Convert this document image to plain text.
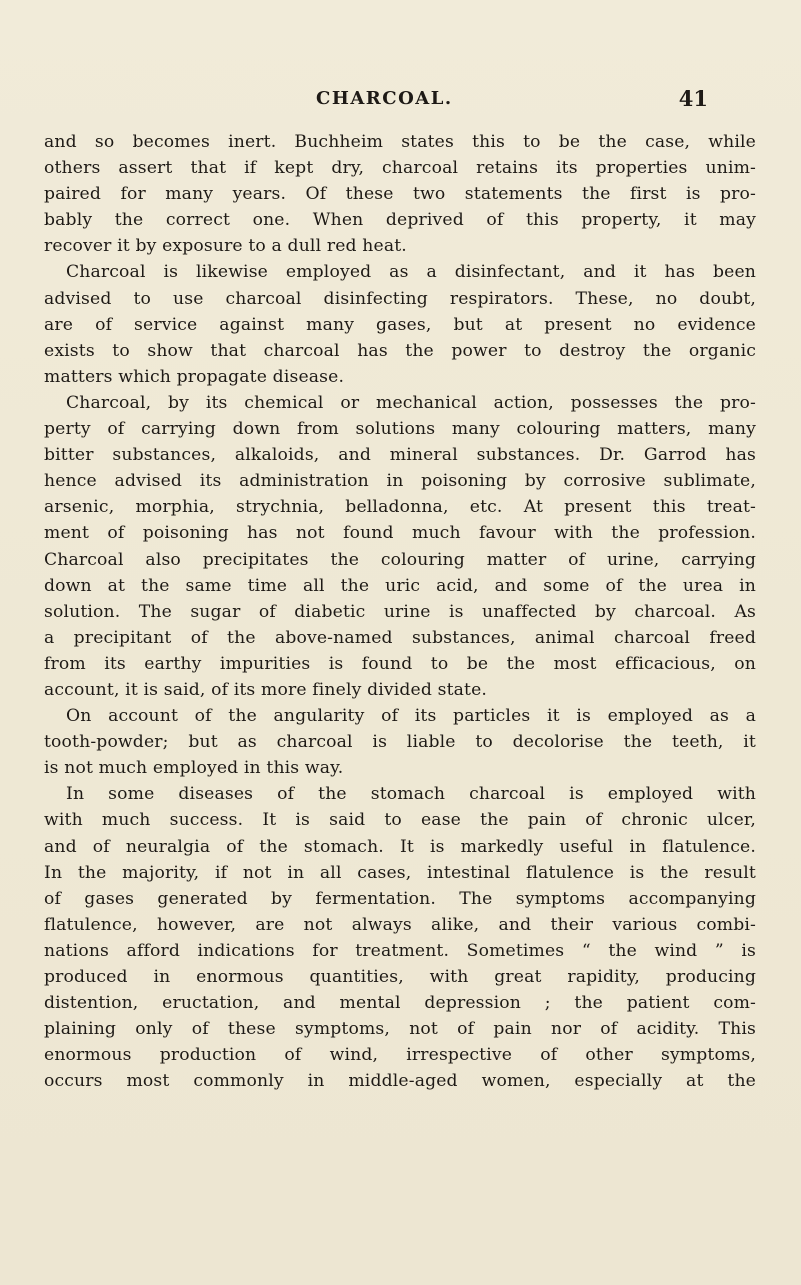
CHARCOAL.	41
and so becomes inert. Buchheim states this to be the case, while
others assert that if kept dry, charcoal retains its properties unim-
paired for many years. Of these two statements the first is pro-
bably the correct one. When deprived of this property, it may
recover it by exposure to a dull red heat.
Charcoal is likewise employed as a disinfectant, and it has been
advised to use charcoal disinfecting respirators. These, no doubt,
are of service against many gases, but at present no evidence
exists to show that charcoal has the power to destroy the organic
matters which propagate disease.
Charcoal, by its chemical or mechanical action, possesses the pro-
perty of carrying down from solutions many colouring matters, many
bitter substances, alkaloids, and mineral substances. Dr. Garrod has
hence advised its administration in poisoning by corrosive sublimate,
arsenic, morphia, strychnia, belladonna, etc. At present this treat-
ment of poisoning has not found much favour with the profession.
Charcoal also precipitates the colouring matter of urine, carrying
down at the same time all the uric acid, and some of the urea in
solution. The sugar of diabetic urine is unaffected by charcoal. As
a precipitant of the above-named substances, animal charcoal freed
from its earthy impurities is found to be the most efficacious, on
account, it is said, of its more finely divided state.
On account of the angularity of its particles it is employed as a
tooth-powder; but as charcoal is liable to decolorise the teeth, it
is not much employed in this way.
In some diseases of the stomach charcoal is employed with
with much success. It is said to ease the pain of chronic ulcer,
and of neuralgia of the stomach. It is markedly useful in flatulence.
In the majority, if not in all cases, intestinal flatulence is the result
of gases generated by fermentation. The symptoms accompanying
flatulence, however, are not always alike, and their various combi-
nations afford indications for treatment. Sometimes “ the wind ” is
produced in enormous quantities, with great rapidity, producing
distention, eructation, and mental depression ; the patient com-
plaining only of these symptoms, not of pain nor of acidity. This
enormous production of wind, irrespective of other symptoms,
occurs most commonly in middle-aged women, especially at the
